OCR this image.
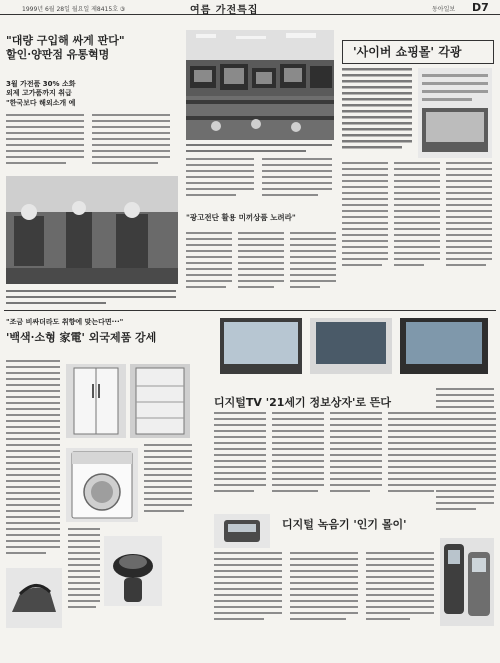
1999년 6월 28일 월요일 제8415호 ③	여름 가전특집	동아일보 D7
"대량 구입해 싸게 판다"
할인·양판점 유통혁명
3월 가전품 30% 소화
외제 고가품까지 취급
"한국보다 해외소개 예
"광고전단 활용 미끼상품 노려라"
'사이버 쇼핑몰' 각광
"조금 비싸더라도 취향에 맞는다면···"
'백색·소형 家電' 외국제품 강세
디지털TV '21세기 정보상자'로 뜬다
디지털 녹음기 '인기 몰이'
